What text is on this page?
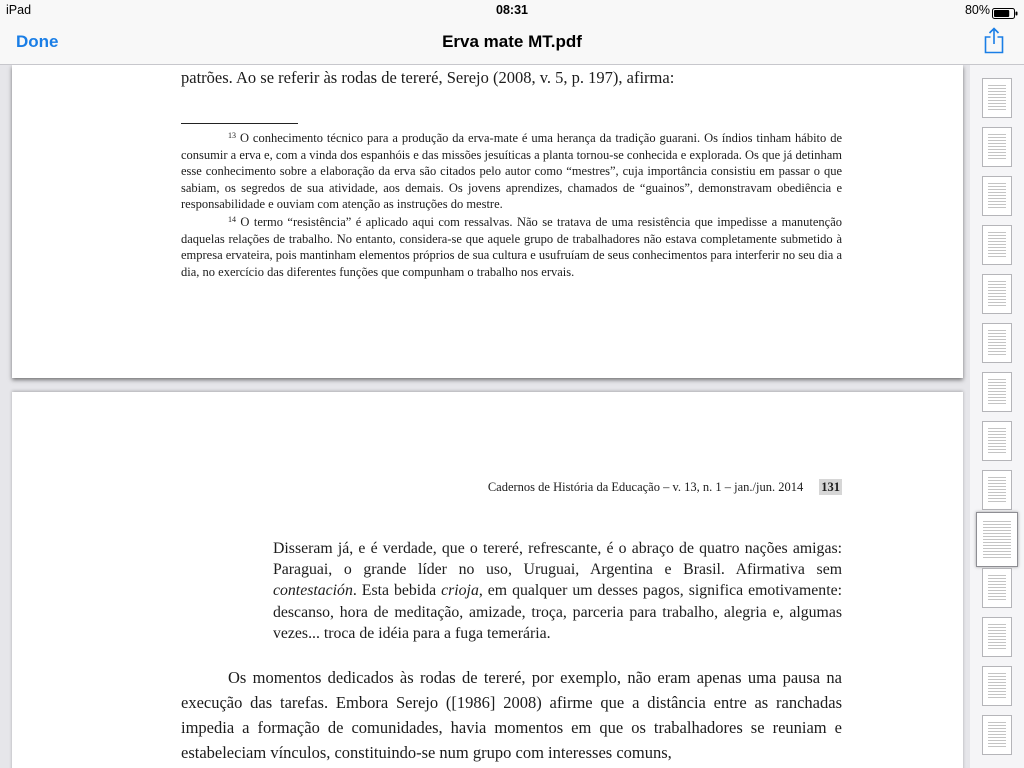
iPad	08:31	80%
Done	Erva mate MT.pdf
patrões. Ao se referir às rodas de tereré, Serejo (2008, v. 5, p. 197), afirma:

$^{13}$ O conhecimento técnico para a produção da erva-mate é uma herança da tradição guarani. Os índios tinham hábito de consumir a erva e, com a vinda dos espanhóis e das missões jesuíticas a planta tornou-se conhecida e explorada. Os que já detinham esse conhecimento sobre a elaboração da erva são citados pelo autor como “mestres”, cuja importância consistiu em passar o que sabiam, os segredos de sua atividade, aos demais. Os jovens aprendizes, chamados de “guainos”, demonstravam obediência e responsabilidade e ouviam com atenção as instruções do mestre.

$^{14}$ O termo “resistência” é aplicado aqui com ressalvas. Não se tratava de uma resistência que impedisse a manutenção daquelas relações de trabalho. No entanto, considera-se que aquele grupo de trabalhadores não estava completamente submetido à empresa ervateira, pois mantinham elementos próprios de sua cultura e usufruíam de seus conhecimentos para interferir no seu dia a dia, no exercício das diferentes funções que compunham o trabalho nos ervais.

Cadernos de História da Educação – v. 13, n. 1 – jan./jun. 2014 131

Disseram já, e é verdade, que o tereré, refrescante, é o abraço de quatro nações amigas: Paraguai, o grande líder no uso, Uruguai, Argentina e Brasil. Afirmativa sem contestación. Esta bebida crioja, em qualquer um desses pagos, significa emotivamente: descanso, hora de meditação, amizade, troça, parceria para trabalho, alegria e, algumas vezes... troca de idéia para a fuga temerária.

Os momentos dedicados às rodas de tereré, por exemplo, não eram apenas uma pausa na execução das tarefas. Embora Serejo ([1986] 2008) afirme que a distância entre as ranchadas impedia a formação de comunidades, havia momentos em que os trabalhadores se reuniam e estabeleciam vínculos, constituindo-se num grupo com interesses comuns,
